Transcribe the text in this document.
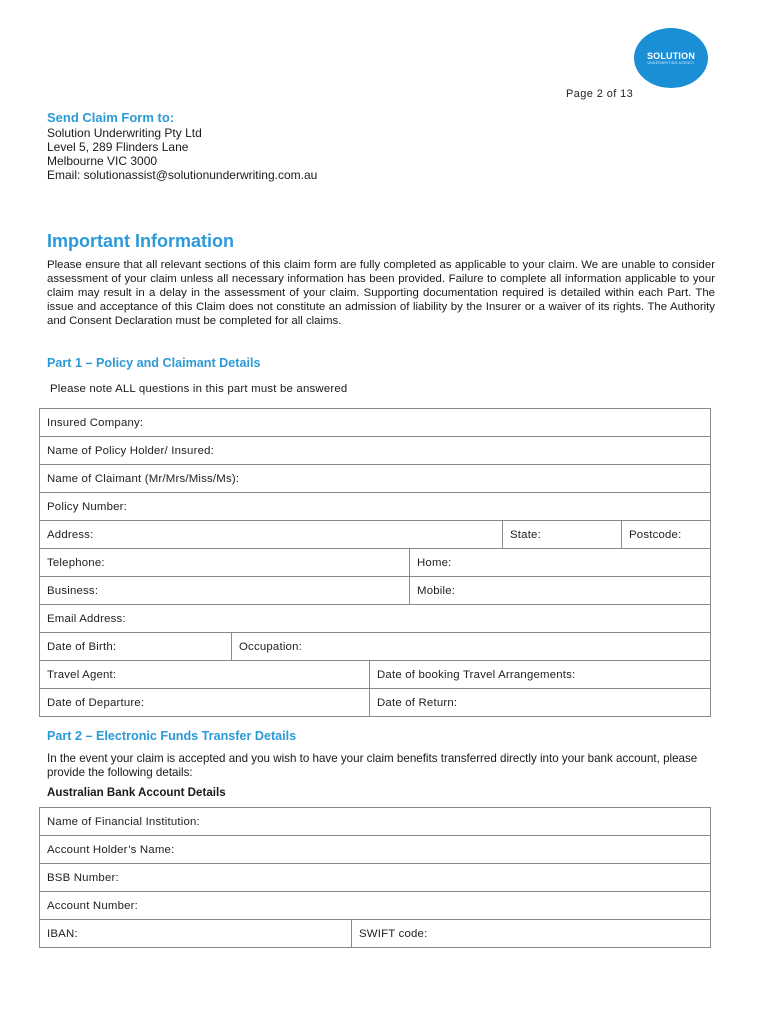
SOLUTION
UNDERWRITING AGENCY
Page 2 of 13
Send Claim Form to:
Solution Underwriting Pty Ltd
Level 5, 289 Flinders Lane
Melbourne VIC 3000
Email: solutionassist@solutionunderwriting.com.au
Important Information

Please ensure that all relevant sections of this claim form are fully completed as applicable to your claim. We are unable to consider assessment of your claim unless all necessary information has been provided. Failure to complete all information applicable to your claim may result in a delay in the assessment of your claim. Supporting documentation required is detailed within each Part. The issue and acceptance of this Claim does not constitute an admission of liability by the Insurer or a waiver of its rights. The Authority and Consent Declaration must be completed for all claims.

Part 1 – Policy and Claimant Details
Please note ALL questions in this part must be answered
Insured Company:					
Name of Policy Holder/ Insured:					
Name of Claimant (Mr/Mrs/Miss/Ms):					
Policy Number:					
Address:				State:	Postcode:
Telephone:			Home:		
Business:			Mobile:		
Email Address:					
Date of Birth:	Occupation:				
Travel Agent:		Date of booking Travel Arrangements:			
Date of Departure:		Date of Return:			
Part 2 – Electronic Funds Transfer Details

In the event your claim is accepted and you wish to have your claim benefits transferred directly into your bank account, please provide the following details:

Australian Bank Account Details
Name of Financial Institution:
Account Holder’s Name:
BSB Number:
Account Number:
IBAN:	SWIFT code:
